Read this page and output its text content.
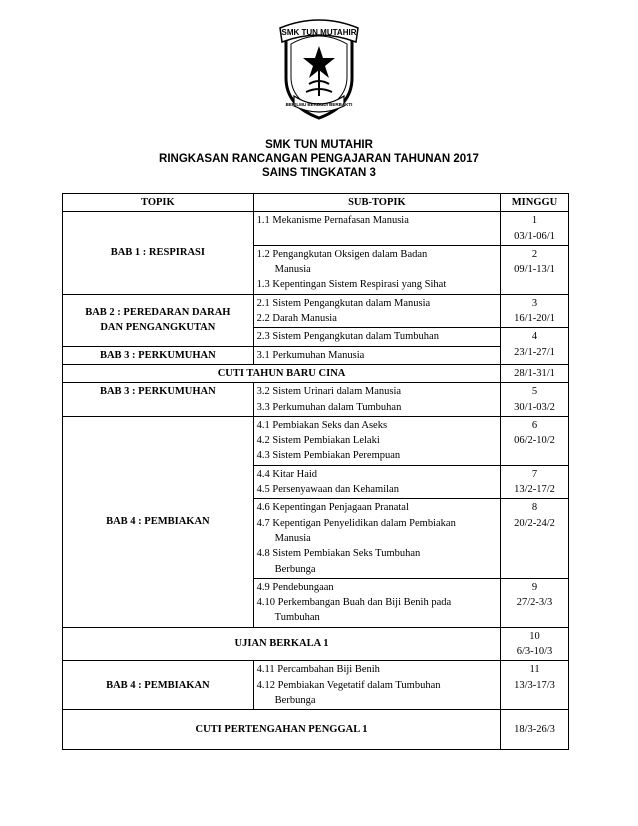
SMK TUN MUTAHIR
BERILMU BERBUDI BERBAKTI
·
SMK TUN MUTAHIR
RINGKASAN RANCANGAN PENGAJARAN TAHUNAN 2017
SAINS TINGKATAN 3
TOPIK	SUB-TOPIK	MINGGU
BAB 1 : RESPIRASI	1.1 Mekanisme Pernafasan Manusia	1
03/1-06/1

	1.2 Pengangkutan Oksigen dalam Badan
Manusia
1.3 Kepentingan Sistem Respirasi yang Sihat	2
09/1-13/1

BAB 2 : PEREDARAN DARAH
DAN PENGANGKUTAN	2.1 Sistem Pengangkutan dalam Manusia
2.2 Darah Manusia	3
16/1-20/1

	2.3 Sistem Pengangkutan dalam Tumbuhan	4
23/1-27/1

BAB 3 : PERKUMUHAN	3.1 Perkumuhan Manusia	

CUTI TAHUN BARU CINA		28/1-31/1
BAB 3 : PERKUMUHAN	3.2 Sistem Urinari dalam Manusia
3.3 Perkumuhan dalam Tumbuhan	5
30/1-03/2

BAB 4 : PEMBIAKAN	4.1 Pembiakan Seks dan Aseks
4.2 Sistem Pembiakan Lelaki
4.3 Sistem Pembiakan Perempuan	6
06/2-10/2

	4.4 Kitar Haid
4.5 Persenyawaan dan Kehamilan	7
13/2-17/2

	4.6 Kepentingan Penjagaan Pranatal
4.7 Kepentigan Penyelidikan dalam Pembiakan
Manusia
4.8 Sistem Pembiakan Seks Tumbuhan
Berbunga	8
20/2-24/2

	4.9 Pendebungaan
4.10 Perkembangan Buah dan Biji Benih pada
Tumbuhan	9
27/2-3/3

UJIAN BERKALA 1		10
6/3-10/3

BAB 4 : PEMBIAKAN	4.11 Percambahan Biji Benih
4.12 Pembiakan Vegetatif dalam Tumbuhan
Berbunga	11
13/3-17/3

CUTI PERTENGAHAN PENGGAL 1		18/3-26/3
